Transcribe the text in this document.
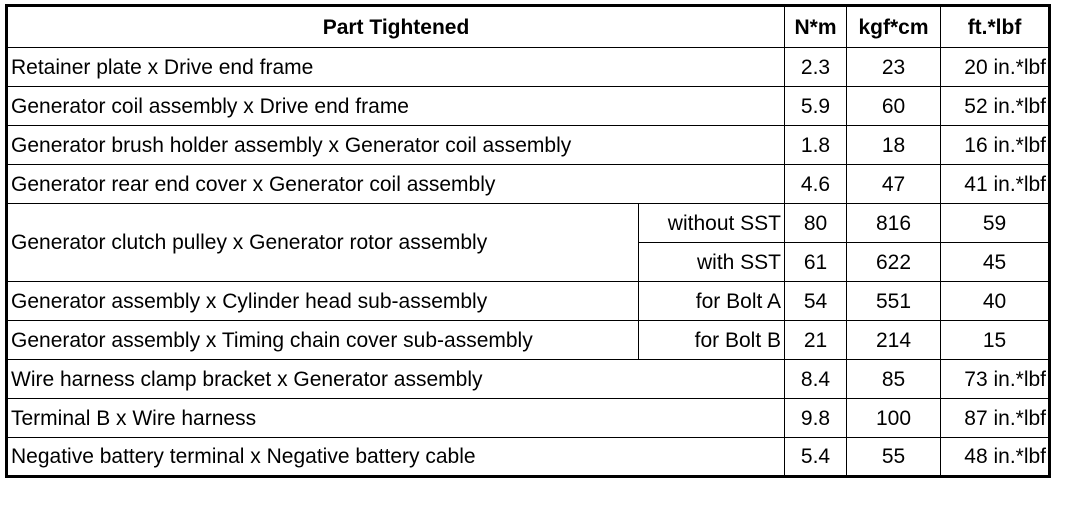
Part Tightened		N*m	kgf*cm	ft.*lbf
Retainer plate x Drive end frame		2.3	23	20 in.*lbf
Generator coil assembly x Drive end frame		5.9	60	52 in.*lbf
Generator brush holder assembly x Generator coil assembly		1.8	18	16 in.*lbf
Generator rear end cover x Generator coil assembly		4.6	47	41 in.*lbf
Generator clutch pulley x Generator rotor assembly	without SST	80	816	59
	with SST	61	622	45
Generator assembly x Cylinder head sub-assembly	for Bolt A	54	551	40
Generator assembly x Timing chain cover sub-assembly	for Bolt B	21	214	15
Wire harness clamp bracket x Generator assembly		8.4	85	73 in.*lbf
Terminal B x Wire harness		9.8	100	87 in.*lbf
Negative battery terminal x Negative battery cable		5.4	55	48 in.*lbf
